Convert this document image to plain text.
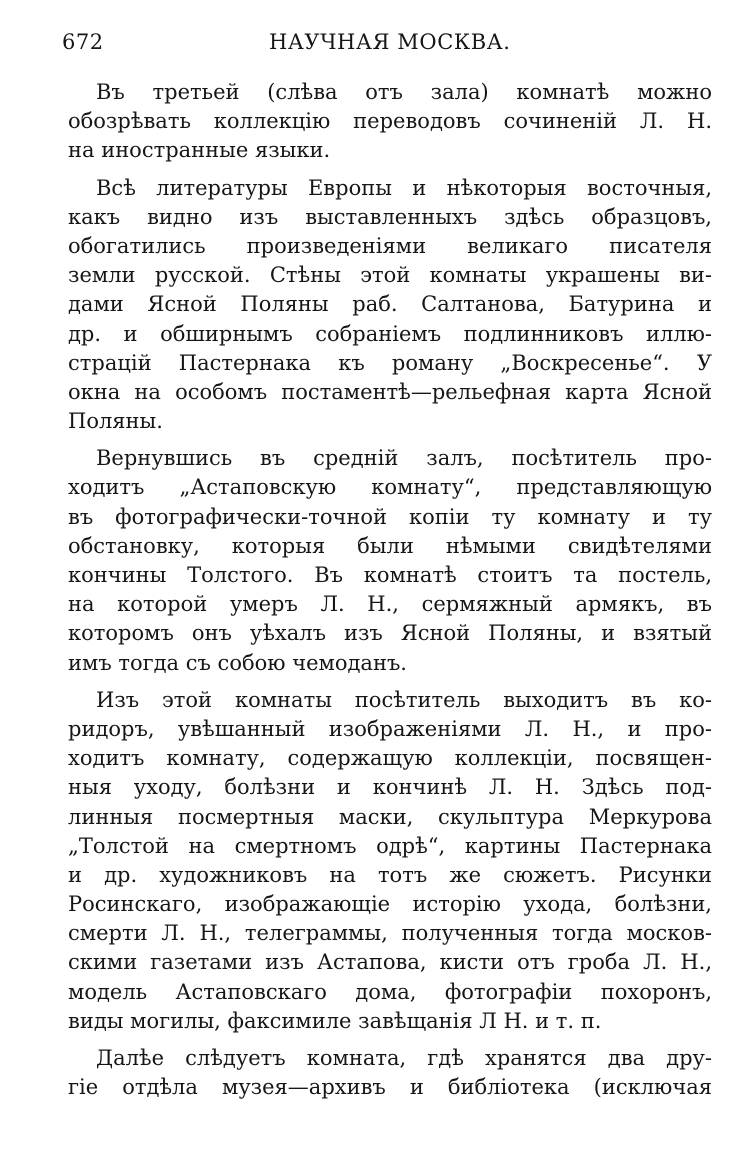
672	НАУЧНАЯ МОСКВА.
Въ третьей (слѣва отъ зала) комнатѣ можно
обозрѣвать коллекцію переводовъ сочиненій Л. Н.
на иностранные языки.
Всѣ литературы Европы и нѣкоторыя восточныя,
какъ видно изъ выставленныхъ здѣсь образцовъ,
обогатились произведеніями великаго писателя
земли русской. Стѣны этой комнаты украшены ви-
дами Ясной Поляны раб. Салтанова, Батурина и
др. и обширнымъ собраніемъ подлинниковъ иллю-
страцій Пастернака къ роману „Воскресенье“. У
окна на особомъ постаментѣ—рельефная карта Ясной
Поляны.
Вернувшись въ среднiй залъ, посѣтитель про-
ходитъ „Астаповскую комнату“, представляющую
въ фотографически-точной копіи ту комнату и ту
обстановку, которыя были нѣмыми свидѣтелями
кончины Толстого. Въ комнатѣ стоитъ та постель,
на которой умеръ Л. Н., сермяжный армякъ, въ
которомъ онъ уѣхалъ изъ Ясной Поляны, и взятый
имъ тогда съ собою чемоданъ.
Изъ этой комнаты посѣтитель выходитъ въ ко-
ридоръ, увѣшанный изображеніями Л. Н., и про-
ходитъ комнату, содержащую коллекціи, посвящен-
ныя уходу, болѣзни и кончинѣ Л. Н. Здѣсь под-
линныя посмертныя маски, скульптура Меркурова
„Толстой на смертномъ одрѣ“, картины Пастернака
и др. художниковъ на тотъ же сюжетъ. Рисунки
Росинскаго, изображающіе исторію ухода, болѣзни,
смерти Л. Н., телеграммы, полученныя тогда москов-
скими газетами изъ Астапова, кисти отъ гроба Л. Н.,
модель Астаповскаго дома, фотографіи похоронъ,
виды могилы, факсимиле завѣщанія Л Н. и т. п.
Далѣе слѣдуетъ комната, гдѣ хранятся два дру-
гіе отдѣла музея—архивъ и библіотека (исключая
